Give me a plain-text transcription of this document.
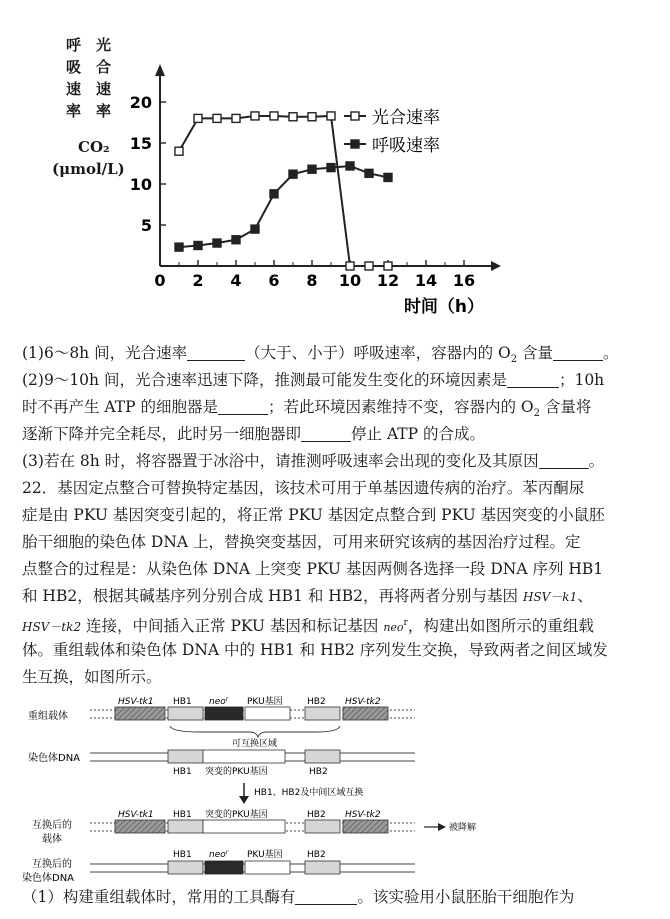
呼
吸
速
率
光
合
速
率
CO₂
(μmol/L)
0 2 4 6 8 10 12 14 16
5
10
15
20
时间（h）
光合速率
呼吸速率
(1)6～8h 间，光合速率	（大于、小于）呼吸速率，容器内的 $O_2$ 含量	。
(2)9～10h 间，光合速率迅速下降，推测最可能发生变化的环境因素是	；10h
时不再产生 ATP 的细胞器是	；若此环境因素维持不变，容器内的 $O_2$ 含量将
逐渐下降并完全耗尽，此时另一细胞器即	停止 ATP 的合成。
(3)若在 8h 时，将容器置于冰浴中，请推测呼吸速率会出现的变化及其原因	。
22．基因定点整合可替换特定基因，该技术可用于单基因遗传病的治疗。苯丙酮尿
症是由 PKU 基因突变引起的，将正常 PKU 基因定点整合到 PKU 基因突变的小鼠胚
胎干细胞的染色体 DNA 上，替换突变基因，可用来研究该病的基因治疗过程。定
点整合的过程是：从染色体 DNA 上突变 PKU 基因两侧各选择一段 DNA 序列 HB1
和 HB2，根据其碱基序列分别合成 HB1 和 HB2，再将两者分别与基因 HSV－k1、
HSV－tk2 连接，中间插入正常 PKU 基因和标记基因 neo$^r$，构建出如图所示的重组载
体。重组载体和染色体 DNA 中的 HB1 和 HB2 序列发生交换，导致两者之间区域发
生互换，如图所示。
重组载体
HSV-tk1 HB1 neo$^r$ PKU基因	HB2 HSV-tk2
可互换区域
染色体DNA
HB1 突变的PKU基因	HB2
HB1、HB2及中间区域互换
互换后的
载体
HSV-tk1 HB1 突变的PKU基因	HB2 HSV-tk2
被降解
互换后的
染色体DNA
HB1 neo$^r$ PKU基因	HB2
（1）构建重组载体时，常用的工具酶有	。该实验用小鼠胚胎干细胞作为
